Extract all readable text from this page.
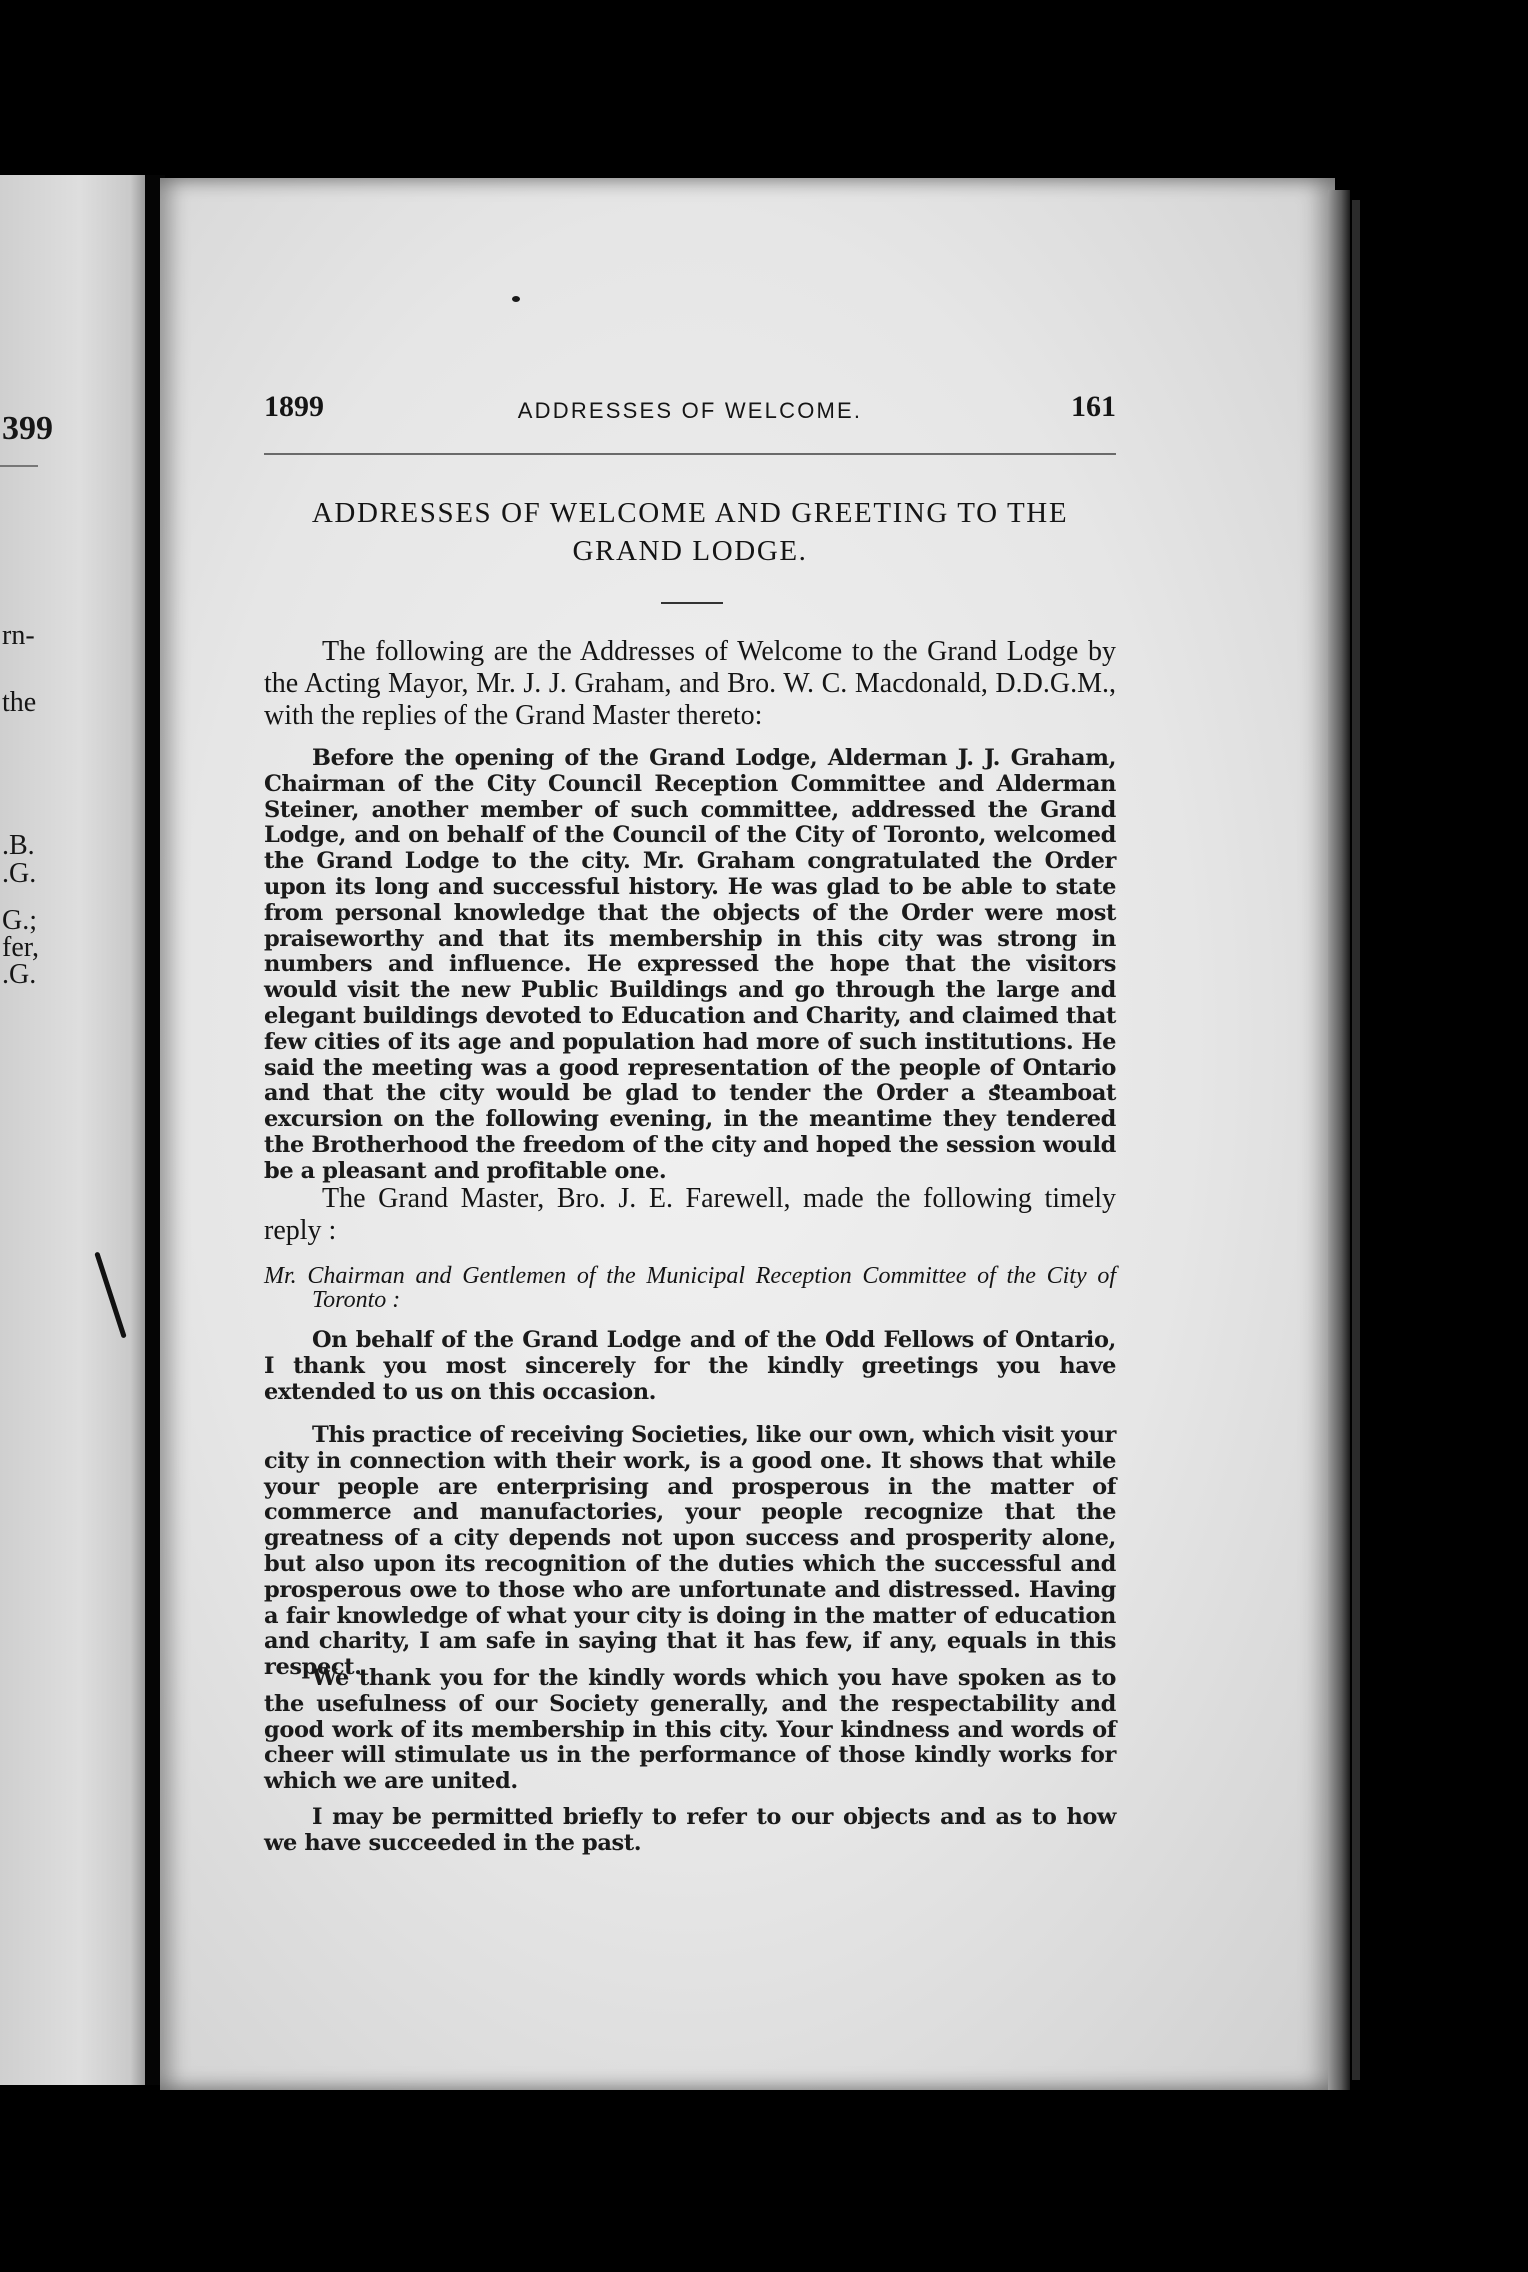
399
rn-
the
.B.
.G.
G.;
fer,
.G.
1899	ADDRESSES OF WELCOME.	161
ADDRESSES OF WELCOME AND GREETING TO THE
GRAND LODGE.

The following are the Addresses of Welcome to the Grand Lodge by the Acting Mayor, Mr. J. J. Graham, and Bro. W. C. Macdonald, D.D.G.M., with the replies of the Grand Master thereto:

Before the opening of the Grand Lodge, Alderman J. J. Graham, Chairman of the City Council Reception Committee and Alderman Steiner, another member of such committee, addressed the Grand Lodge, and on behalf of the Council of the City of Toronto, welcomed the Grand Lodge to the city. Mr. Graham congratulated the Order upon its long and successful history. He was glad to be able to state from personal knowledge that the objects of the Order were most praiseworthy and that its membership in this city was strong in numbers and influence. He expressed the hope that the visitors would visit the new Public Buildings and go through the large and elegant buildings devoted to Education and Charity, and claimed that few cities of its age and population had more of such institutions. He said the meeting was a good representation of the people of Ontario and that the city would be glad to tender the Order a steamboat excursion on the following evening, in the meantime they tendered the Brotherhood the freedom of the city and hoped the session would be a pleasant and profitable one.

The Grand Master, Bro. J. E. Farewell, made the following timely reply :

Mr. Chairman and Gentlemen of the Municipal Reception Committee of the City of Toronto :

On behalf of the Grand Lodge and of the Odd Fellows of Ontario, I thank you most sincerely for the kindly greetings you have extended to us on this occasion.

This practice of receiving Societies, like our own, which visit your city in connection with their work, is a good one. It shows that while your people are enterprising and prosperous in the matter of commerce and manufactories, your people recognize that the greatness of a city depends not upon success and prosperity alone, but also upon its recognition of the duties which the successful and prosperous owe to those who are unfortunate and distressed. Having a fair knowledge of what your city is doing in the matter of education and charity, I am safe in saying that it has few, if any, equals in this respect.

We thank you for the kindly words which you have spoken as to the usefulness of our Society generally, and the respectability and good work of its membership in this city. Your kindness and words of cheer will stimulate us in the performance of those kindly works for which we are united.

I may be permitted briefly to refer to our objects and as to how we have succeeded in the past.
